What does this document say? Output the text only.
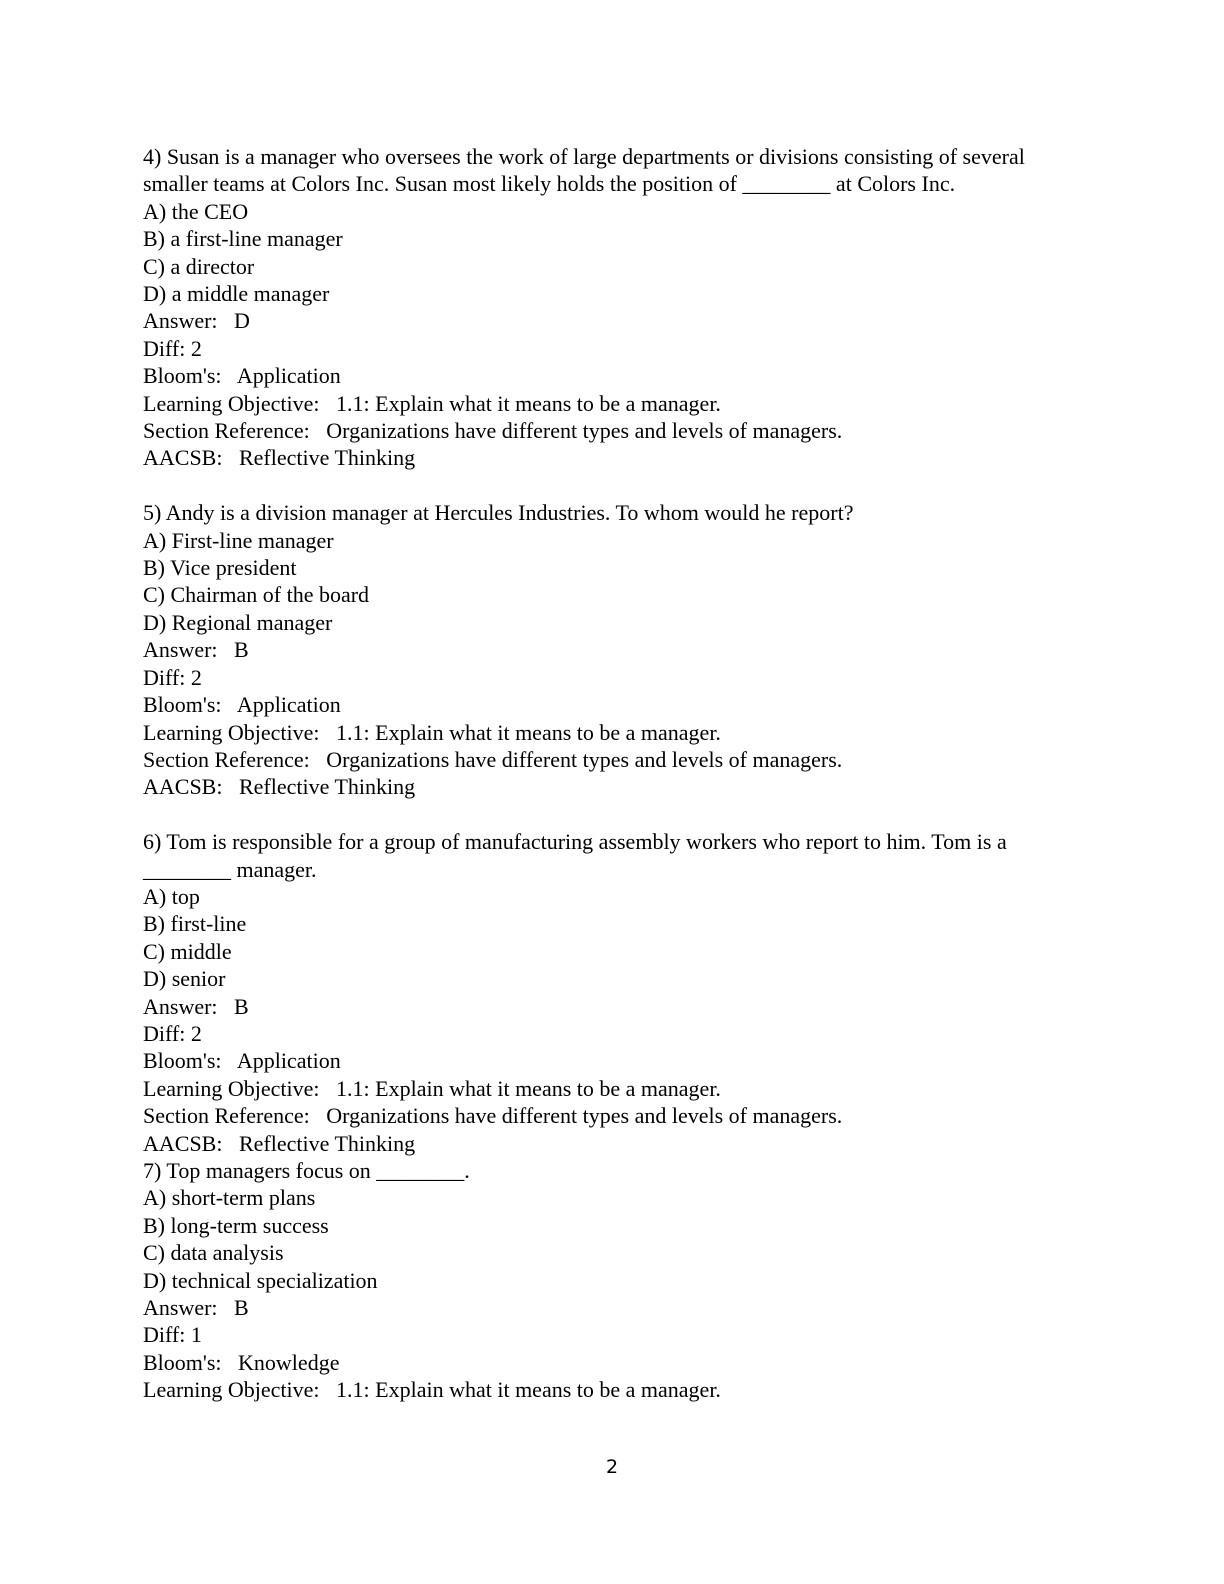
4) Susan is a manager who oversees the work of large departments or divisions consisting of several smaller teams at Colors Inc. Susan most likely holds the position of ________ at Colors Inc.

A) the CEO

B) a first-line manager

C) a director

D) a middle manager

Answer:   D

Diff: 2

Bloom's:   Application

Learning Objective:   1.1: Explain what it means to be a manager.

Section Reference:   Organizations have different types and levels of managers.

AACSB:   Reflective Thinking

5) Andy is a division manager at Hercules Industries. To whom would he report?

A) First-line manager

B) Vice president

C) Chairman of the board

D) Regional manager

Answer:   B

Diff: 2

Bloom's:   Application

Learning Objective:   1.1: Explain what it means to be a manager.

Section Reference:   Organizations have different types and levels of managers.

AACSB:   Reflective Thinking

6) Tom is responsible for a group of manufacturing assembly workers who report to him. Tom is a ________ manager.

A) top

B) first-line

C) middle

D) senior

Answer:   B

Diff: 2

Bloom's:   Application

Learning Objective:   1.1: Explain what it means to be a manager.

Section Reference:   Organizations have different types and levels of managers.

AACSB:   Reflective Thinking

7) Top managers focus on ________.

A) short-term plans

B) long-term success

C) data analysis

D) technical specialization

Answer:   B

Diff: 1

Bloom's:   Knowledge

Learning Objective:   1.1: Explain what it means to be a manager.

2
